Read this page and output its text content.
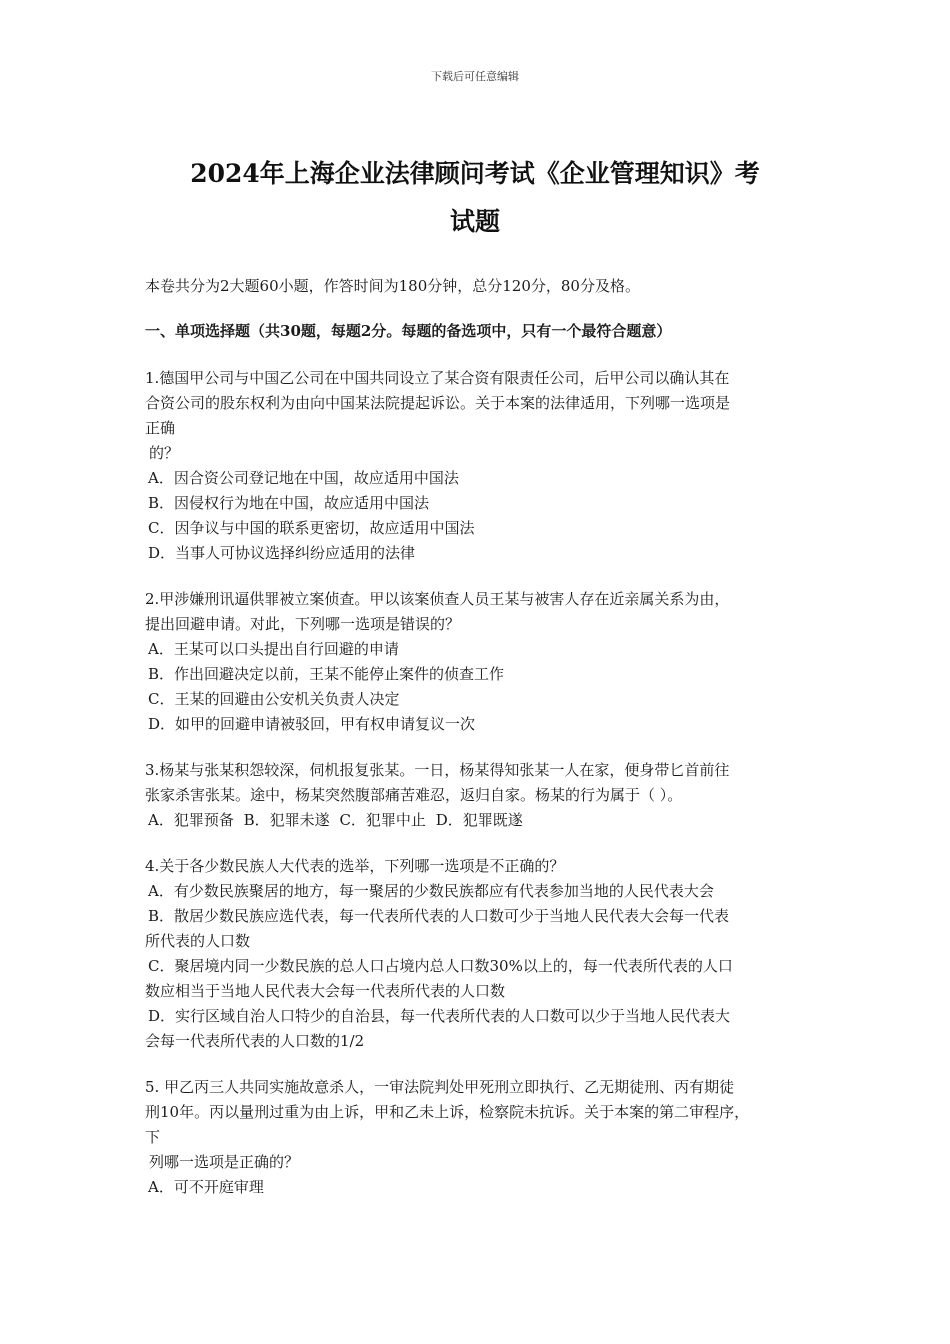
下载后可任意编辑
2024年上海企业法律顾问考试《企业管理知识》考
试题

本卷共分为2大题60小题，作答时间为180分钟，总分120分，80分及格。

一、单项选择题（共30题，每题2分。每题的备选项中，只有一个最符合题意）

1.德国甲公司与中国乙公司在中国共同设立了某合资有限责任公司，后甲公司以确认其在

合资公司的股东权利为由向中国某法院提起诉讼。关于本案的法律适用，下列哪一选项是

正确

的？

A．因合资公司登记地在中国，故应适用中国法

B．因侵权行为地在中国，故应适用中国法

C．因争议与中国的联系更密切，故应适用中国法

D．当事人可协议选择纠纷应适用的法律

2.甲涉嫌刑讯逼供罪被立案侦查。甲以该案侦查人员王某与被害人存在近亲属关系为由，

提出回避申请。对此，下列哪一选项是错误的？

A．王某可以口头提出自行回避的申请

B．作出回避决定以前，王某不能停止案件的侦查工作

C．王某的回避由公安机关负责人决定

D．如甲的回避申请被驳回，甲有权申请复议一次

3.杨某与张某积怨较深，伺机报复张某。一日，杨某得知张某一人在家，便身带匕首前往

张家杀害张某。途中，杨某突然腹部痛苦难忍，返归自家。杨某的行为属于（ ）。

A．犯罪预备 B．犯罪未遂 C．犯罪中止 D．犯罪既遂

4.关于各少数民族人大代表的选举，下列哪一选项是不正确的？

A．有少数民族聚居的地方，每一聚居的少数民族都应有代表参加当地的人民代表大会

B．散居少数民族应选代表，每一代表所代表的人口数可少于当地人民代表大会每一代表

所代表的人口数

C．聚居境内同一少数民族的总人口占境内总人口数30%以上的，每一代表所代表的人口

数应相当于当地人民代表大会每一代表所代表的人口数

D．实行区域自治人口特少的自治县，每一代表所代表的人口数可以少于当地人民代表大

会每一代表所代表的人口数的1/2

5. 甲乙丙三人共同实施故意杀人，一审法院判处甲死刑立即执行、乙无期徒刑、丙有期徒

刑10年。丙以量刑过重为由上诉，甲和乙未上诉，检察院未抗诉。关于本案的第二审程序，

下

列哪一选项是正确的？

A．可不开庭审理
